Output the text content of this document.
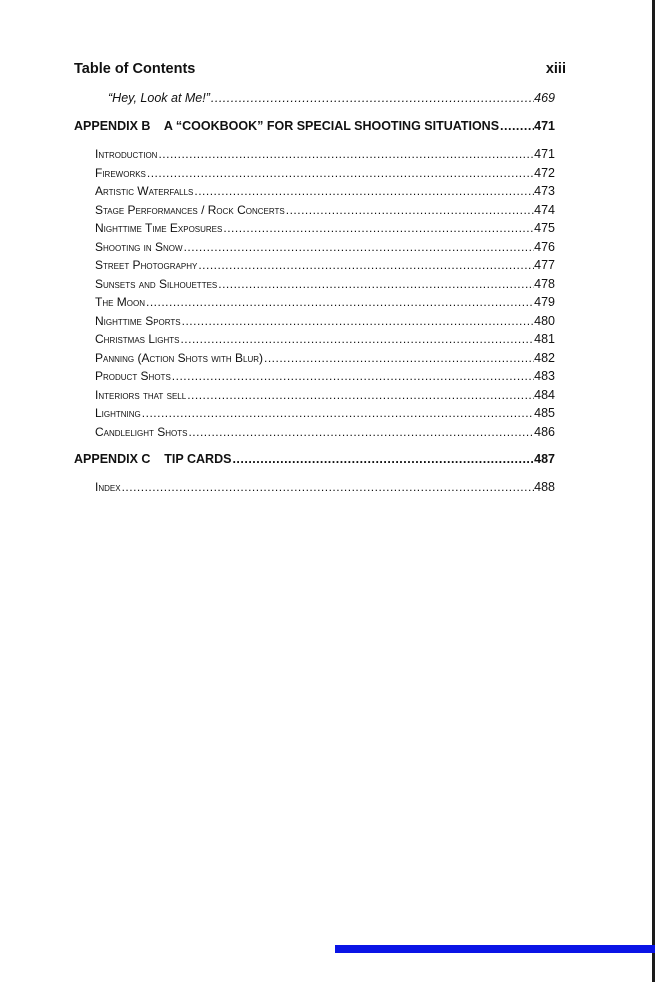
Table of Contents	xiii
“Hey, Look at Me!” .....	469
APPENDIX B    A “COOKBOOK” FOR SPECIAL SHOOTING SITUATIONS .....	471
Introduction .....	471
Fireworks .....	472
Artistic Waterfalls .....	473
Stage Performances / Rock Concerts .....	474
Nighttime Time Exposures .....	475
Shooting in Snow .....	476
Street Photography .....	477
Sunsets and Silhouettes .....	478
The Moon .....	479
Nighttime Sports .....	480
Christmas Lights .....	481
Panning (Action Shots with Blur) .....	482
Product Shots .....	483
Interiors that sell .....	484
Lightning .....	485
Candlelight Shots .....	486
APPENDIX C    TIP CARDS .....	487
Index .....	488
